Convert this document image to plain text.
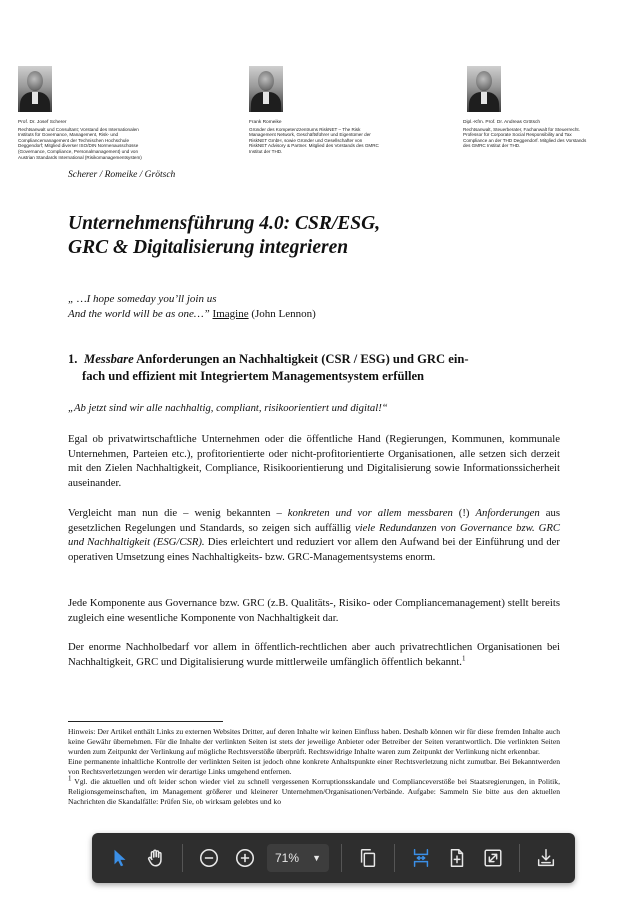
Prof. Dr. Josef Scherer
Rechtsanwalt und Consultant; Vorstand des Internationalen Instituts für Governance, Management, Risk- und Compliancemanagement der Technischen Hochschule Deggendorf; Mitglied diverser ISO/DIN Normenausschüsse (Governance, Compliance, Personalmanagement) und von Austrian Standards International (Risikomanagementsystem)
Frank Romeike
Gründer des Kompetenzzentrums RiskNET – The Risk Management Network, Geschäftsführer und Eigentümer der RiskNET GmbH, sowie Gründer und Gesellschafter von RiskNET Advisory & Partner. Mitglied des Vorstands des GMRC Institut der THD.
Dipl.-Kfm. Prof. Dr. Andreas Grötsch
Rechtsanwalt, Steuerberater, Fachanwalt für Steuerrecht. Professor für Corporate Social Responsibility and Tax Compliance an der THD Deggendorf. Mitglied des Vorstands des GMRC Institut der THD.
Scherer / Romeike / Grötsch
Unternehmensführung 4.0: CSR/ESG,
GRC & Digitalisierung integrieren
„ …I hope someday you’ll join us
And the world will be as one…” Imagine (John Lennon)
1. Messbare Anforderungen an Nachhaltigkeit (CSR / ESG) und GRC ein-
fach und effizient mit Integriertem Managementsystem erfüllen
„Ab jetzt sind wir alle nachhaltig, compliant, risikoorientiert und digital!“
Egal ob privatwirtschaftliche Unternehmen oder die öffentliche Hand (Regierungen, Kommunen, kommunale Unternehmen, Parteien etc.), profitorientierte oder nicht-profitorientierte Organisationen, alle setzen sich derzeit mit den Zielen Nachhaltigkeit, Compliance, Risikoorientierung und Digitalisierung sowie Informationssicherheit auseinander.
Vergleicht man nun die – wenig bekannten – konkreten und vor allem messbaren (!) Anforderungen aus gesetzlichen Regelungen und Standards, so zeigen sich auffällig viele Redundanzen von Governance bzw. GRC und Nachhaltigkeit (ESG/CSR). Dies erleichtert und reduziert vor allem den Aufwand bei der Einführung und der operativen Umsetzung eines Nachhaltigkeits- bzw. GRC-Managementsystems enorm.
Jede Komponente aus Governance bzw. GRC (z.B. Qualitäts-, Risiko- oder Compliancemanagement) stellt bereits zugleich eine wesentliche Komponente von Nachhaltigkeit dar.
Der enorme Nachholbedarf vor allem in öffentlich-rechtlichen aber auch privatrechtlichen Organisationen bei Nachhaltigkeit, GRC und Digitalisierung wurde mittlerweile umfänglich öffentlich bekannt.$^1$
Hinweis: Der Artikel enthält Links zu externen Websites Dritter, auf deren Inhalte wir keinen Einfluss haben. Deshalb können wir für diese fremden Inhalte auch keine Gewähr übernehmen. Für die Inhalte der verlinkten Seiten ist stets der jeweilige Anbieter oder Betreiber der Seiten verantwortlich. Die verlinkten Seiten wurden zum Zeitpunkt der Verlinkung auf mögliche Rechtsverstöße überprüft. Rechtswidrige Inhalte waren zum Zeitpunkt der Verlinkung nicht erkennbar.
Eine permanente inhaltliche Kontrolle der verlinkten Seiten ist jedoch ohne konkrete Anhaltspunkte einer Rechtsverletzung nicht zumutbar. Bei Bekanntwerden von Rechtsverletzungen werden wir derartige Links umgehend entfernen.
$^1$ Vgl. die aktuellen und oft leider schon wieder viel zu schnell vergessenen Korruptionsskandale und Complianceverstöße bei Staatsregierungen, in Politik, Religionsgemeinschaften, im Management größerer und kleinerer Unternehmen/Organisationen/Verbände. Aufgabe: Sammeln Sie bitte aus den aktuellen Nachrichten die Skandalfälle: Prüfen Sie, ob wirksam gelebtes und ko
71% ▼
